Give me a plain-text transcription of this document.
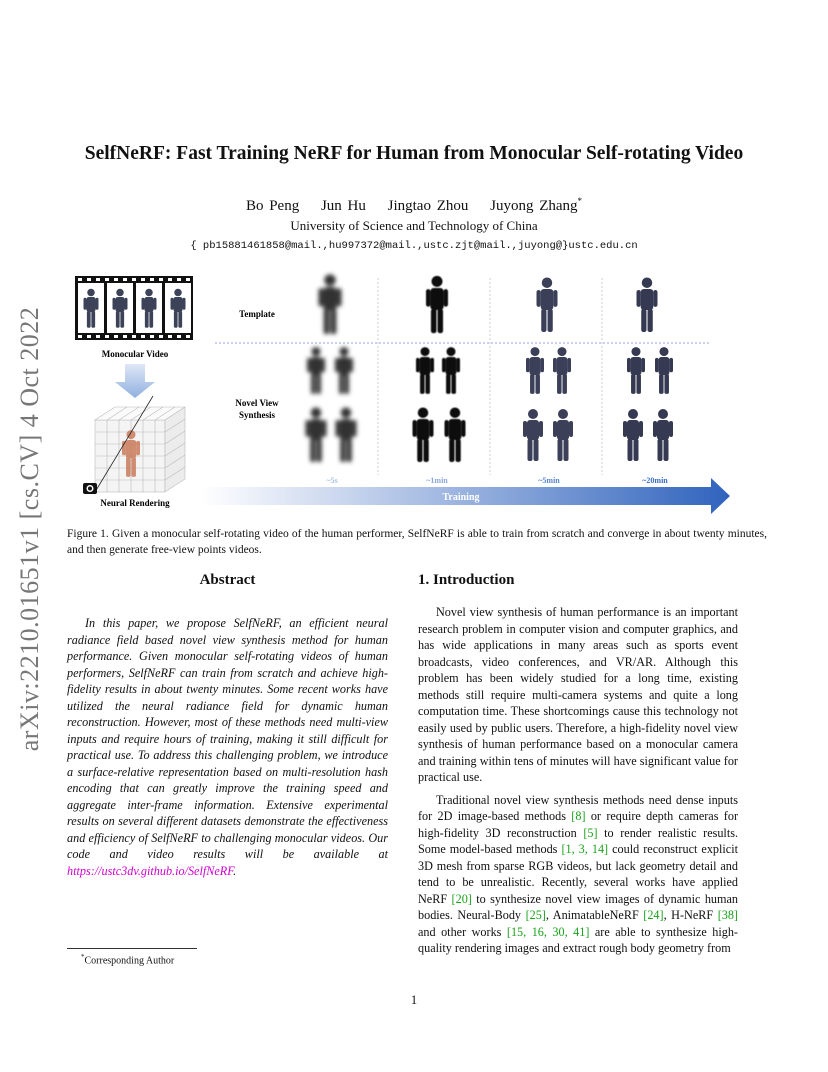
arXiv:2210.01651v1 [cs.CV] 4 Oct 2022
SelfNeRF: Fast Training NeRF for Human from Monocular Self-rotating Video
Bo Peng Jun Hu Jingtao Zhou Juyong Zhang*
University of Science and Technology of China
{ pb15881461858@mail.,hu997372@mail.,ustc.zjt@mail.,juyong@}ustc.edu.cn
Monocular Video
Neural Rendering
Template
Novel View
Synthesis
~5s	~1min	~5min	~20min
Training
Figure 1. Given a monocular self-rotating video of the human performer, SelfNeRF is able to train from scratch and converge in about twenty minutes, and then generate free-view points videos.
Abstract

In this paper, we propose SelfNeRF, an efficient neural radiance field based novel view synthesis method for human performance. Given monocular self-rotating videos of human performers, SelfNeRF can train from scratch and achieve high-fidelity results in about twenty minutes. Some recent works have utilized the neural radiance field for dynamic human reconstruction. However, most of these methods need multi-view inputs and require hours of training, making it still difficult for practical use. To address this challenging problem, we introduce a surface-relative representation based on multi-resolution hash encoding that can greatly improve the training speed and aggregate inter-frame information. Extensive experimental results on several different datasets demonstrate the effectiveness and efficiency of SelfNeRF to challenging monocular videos. Our code and video results will be available at https://ustc3dv.github.io/SelfNeRF.

*Corresponding Author
1. Introduction

Novel view synthesis of human performance is an important research problem in computer vision and computer graphics, and has wide applications in many areas such as sports event broadcasts, video conferences, and VR/AR. Although this problem has been widely studied for a long time, existing methods still require multi-camera systems and quite a long computation time. These shortcomings cause this technology not easily used by public users. Therefore, a high-fidelity novel view synthesis of human performance based on a monocular camera and training within tens of minutes will have significant value for practical use.

Traditional novel view synthesis methods need dense inputs for 2D image-based methods [8] or require depth cameras for high-fidelity 3D reconstruction [5] to render realistic results. Some model-based methods [1, 3, 14] could reconstruct explicit 3D mesh from sparse RGB videos, but lack geometry detail and tend to be unrealistic. Recently, several works have applied NeRF [20] to synthesize novel view images of dynamic human bodies. Neural-Body [25], AnimatableNeRF [24], H-NeRF [38] and other works [15, 16, 30, 41] are able to synthesize high-quality rendering images and extract rough body geometry from

1
